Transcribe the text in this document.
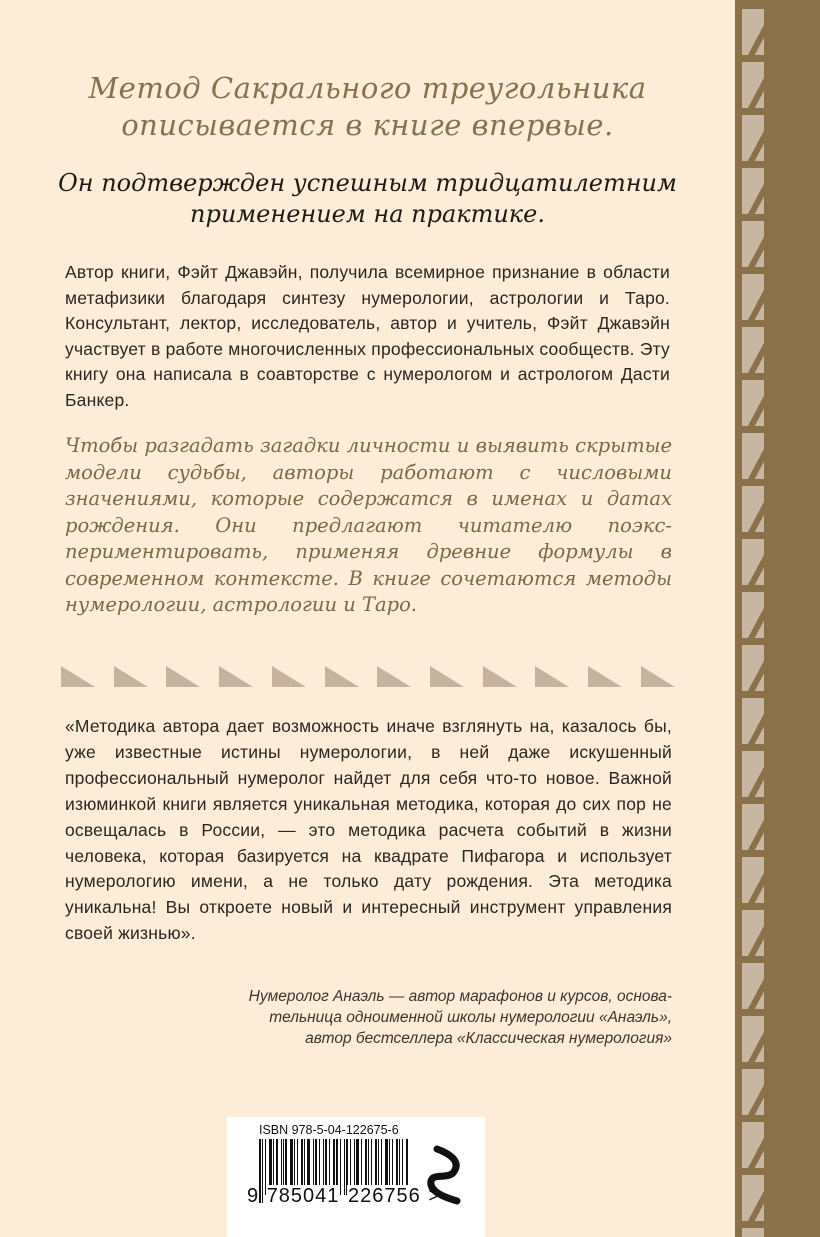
Метод Сакрального треугольника
описывается в книге впервые.
Он подтвержден успешным тридцатилетним
применением на практике.

Автор книги, Фэйт Джавэйн, получила всемирное признание в области метафизики благодаря синтезу нумерологии, астрологии и Таро. Консультант, лектор, исследователь, автор и учитель, Фэйт Джавэйн участвует в работе многочисленных профессиональных сообществ. Эту книгу она написала в соавторстве с нумерологом и астрологом Дасти Банкер.

Чтобы разгадать загадки личности и выявить скрытые модели судьбы, авторы работают с числовыми значениями, которые содержатся в именах и датах рождения. Они предлагают читателю поэкспериментировать, применяя древние формулы в современном контексте. В книге сочетаются методы нумерологии, астрологии и Таро.

«Методика автора дает возможность иначе взглянуть на, казалось бы, уже известные истины нумерологии, в ней даже искушенный профессиональный нумеролог найдет для себя что-то новое. Важной изюминкой книги является уникальная методика, которая до сих пор не освещалась в России, — это методика расчета событий в жизни человека, которая базируется на квадрате Пифагора и использует нумерологию имени, а не только дату рождения. Эта методика уникальна! Вы откроете новый и интересный инструмент управления своей жизнью».

Нумеролог Анаэль — автор марафонов и курсов, основа-
тельница одноименной школы нумерологии «Анаэль»,
автор бестселлера «Классическая нумерология»
ISBN 978-5-04-122675-6
9 785041 226756 >
